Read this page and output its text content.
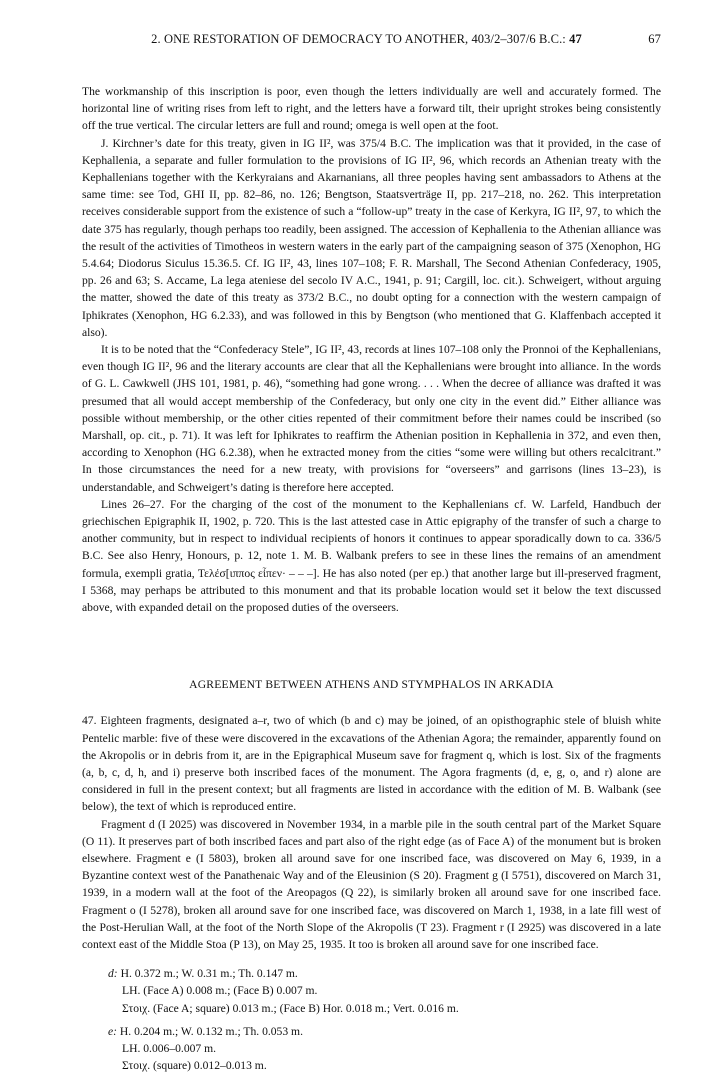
2. ONE RESTORATION OF DEMOCRACY TO ANOTHER, 403/2–307/6 B.C.: 47	67

The workmanship of this inscription is poor, even though the letters individually are well and accurately formed. The horizontal line of writing rises from left to right, and the letters have a forward tilt, their upright strokes being consistently off the true vertical. The circular letters are full and round; omega is well open at the foot.

J. Kirchner’s date for this treaty, given in IG II², was 375/4 B.C. The implication was that it provided, in the case of Kephallenia, a separate and fuller formulation to the provisions of IG II², 96, which records an Athenian treaty with the Kephallenians together with the Kerkyraians and Akarnanians, all three peoples having sent ambassadors to Athens at the same time: see Tod, GHI II, pp. 82–86, no. 126; Bengtson, Staatsverträge II, pp. 217–218, no. 262. This interpretation receives considerable support from the existence of such a “follow-up” treaty in the case of Kerkyra, IG II², 97, to which the date 375 has regularly, though perhaps too readily, been assigned. The accession of Kephallenia to the Athenian alliance was the result of the activities of Timotheos in western waters in the early part of the campaigning season of 375 (Xenophon, HG 5.4.64; Diodorus Siculus 15.36.5. Cf. IG II², 43, lines 107–108; F. R. Marshall, The Second Athenian Confederacy, 1905, pp. 26 and 63; S. Accame, La lega ateniese del secolo IV A.C., 1941, p. 91; Cargill, loc. cit.). Schweigert, without arguing the matter, showed the date of this treaty as 373/2 B.C., no doubt opting for a connection with the western campaign of Iphikrates (Xenophon, HG 6.2.33), and was followed in this by Bengtson (who mentioned that G. Klaffenbach accepted it also).

It is to be noted that the “Confederacy Stele”, IG II², 43, records at lines 107–108 only the Pronnoi of the Kephallenians, even though IG II², 96 and the literary accounts are clear that all the Kephallenians were brought into alliance. In the words of G. L. Cawkwell (JHS 101, 1981, p. 46), “something had gone wrong. . . . When the decree of alliance was drafted it was presumed that all would accept membership of the Confederacy, but only one city in the event did.” Either alliance was possible without membership, or the other cities repented of their commitment before their names could be inscribed (so Marshall, op. cit., p. 71). It was left for Iphikrates to reaffirm the Athenian position in Kephallenia in 372, and even then, according to Xenophon (HG 6.2.38), when he extracted money from the cities “some were willing but others recalcitrant.” In those circumstances the need for a new treaty, with provisions for “overseers” and garrisons (lines 13–23), is understandable, and Schweigert’s dating is therefore here accepted.

Lines 26–27. For the charging of the cost of the monument to the Kephallenians cf. W. Larfeld, Handbuch der griechischen Epigraphik II, 1902, p. 720. This is the last attested case in Attic epigraphy of the transfer of such a charge to another community, but in respect to individual recipients of honors it continues to appear sporadically down to ca. 336/5 B.C. See also Henry, Honours, p. 12, note 1. M. B. Walbank prefers to see in these lines the remains of an amendment formula, exempli gratia, Τελέσ[ιππος εἶπεν· – – –]. He has also noted (per ep.) that another large but ill-preserved fragment, I 5368, may perhaps be attributed to this monument and that its probable location would set it below the text discussed above, with expanded detail on the proposed duties of the overseers.

AGREEMENT BETWEEN ATHENS AND STYMPHALOS IN ARKADIA

47. Eighteen fragments, designated a–r, two of which (b and c) may be joined, of an opisthographic stele of bluish white Pentelic marble: five of these were discovered in the excavations of the Athenian Agora; the remainder, apparently found on the Akropolis or in debris from it, are in the Epigraphical Museum save for fragment q, which is lost. Six of the fragments (a, b, c, d, h, and i) preserve both inscribed faces of the monument. The Agora fragments (d, e, g, o, and r) alone are considered in full in the present context; but all fragments are listed in accordance with the edition of M. B. Walbank (see below), the text of which is reproduced entire.

Fragment d (I 2025) was discovered in November 1934, in a marble pile in the south central part of the Market Square (O 11). It preserves part of both inscribed faces and part also of the right edge (as of Face A) of the monument but is broken elsewhere. Fragment e (I 5803), broken all around save for one inscribed face, was discovered on May 6, 1939, in a Byzantine context west of the Panathenaic Way and of the Eleusinion (S 20). Fragment g (I 5751), discovered on March 31, 1939, in a modern wall at the foot of the Areopagos (Q 22), is similarly broken all around save for one inscribed face. Fragment o (I 5278), broken all around save for one inscribed face, was discovered on March 1, 1938, in a late fill west of the Post-Herulian Wall, at the foot of the North Slope of the Akropolis (T 23). Fragment r (I 2925) was discovered in a late context east of the Middle Stoa (P 13), on May 25, 1935. It too is broken all around save for one inscribed face.

d: H. 0.372 m.; W. 0.31 m.; Th. 0.147 m.
LH. (Face A) 0.008 m.; (Face B) 0.007 m.
Στοιχ. (Face A; square) 0.013 m.; (Face B) Hor. 0.018 m.; Vert. 0.016 m.
e: H. 0.204 m.; W. 0.132 m.; Th. 0.053 m.
LH. 0.006–0.007 m.
Στοιχ. (square) 0.012–0.013 m.
